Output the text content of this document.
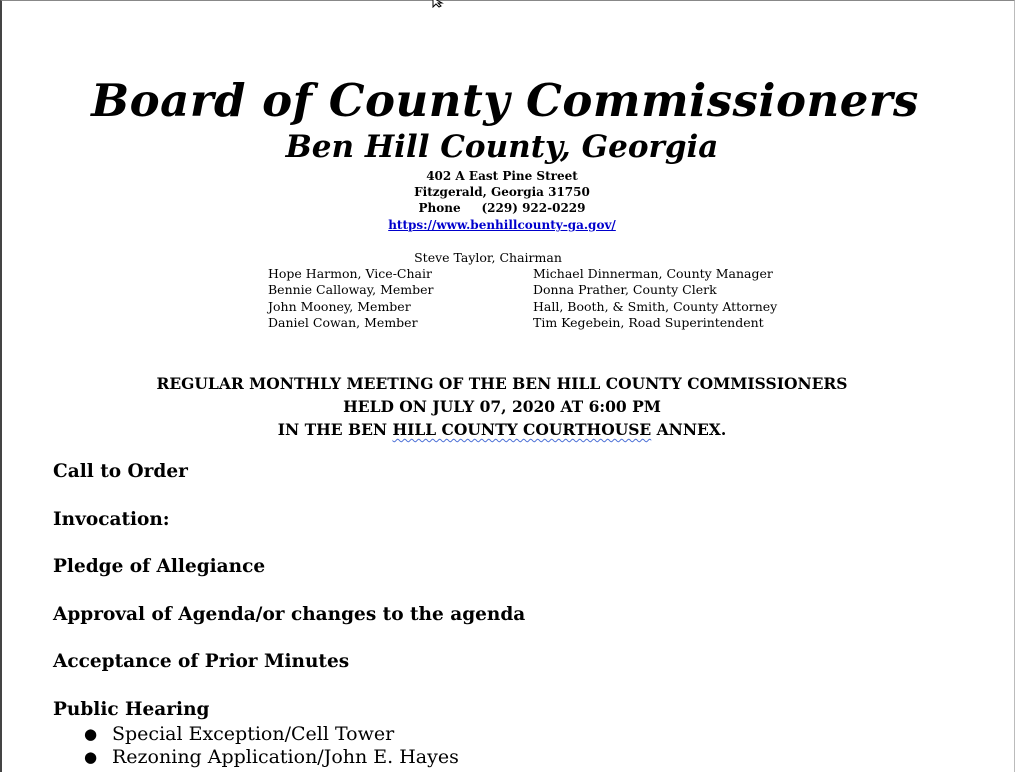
Board of County Commissioners
Ben Hill County, Georgia
402 A East Pine Street
Fitzgerald, Georgia 31750
Phone     (229) 922-0229
https://www.benhillcounty-ga.gov/
Steve Taylor, Chairman
Hope Harmon, Vice-Chair
Bennie Calloway, Member
John Mooney, Member
Daniel Cowan, Member
Michael Dinnerman, County Manager
Donna Prather, County Clerk
Hall, Booth, & Smith, County Attorney
Tim Kegebein, Road Superintendent
REGULAR MONTHLY MEETING OF THE BEN HILL COUNTY COMMISSIONERS
HELD ON JULY 07, 2020 AT 6:00 PM
IN THE BEN HILL COUNTY COURTHOUSE ANNEX.
Call to Order
Invocation:
Pledge of Allegiance
Approval of Agenda/or changes to the agenda
Acceptance of Prior Minutes
Public Hearing
● Special Exception/Cell Tower
● Rezoning Application/John E. Hayes
